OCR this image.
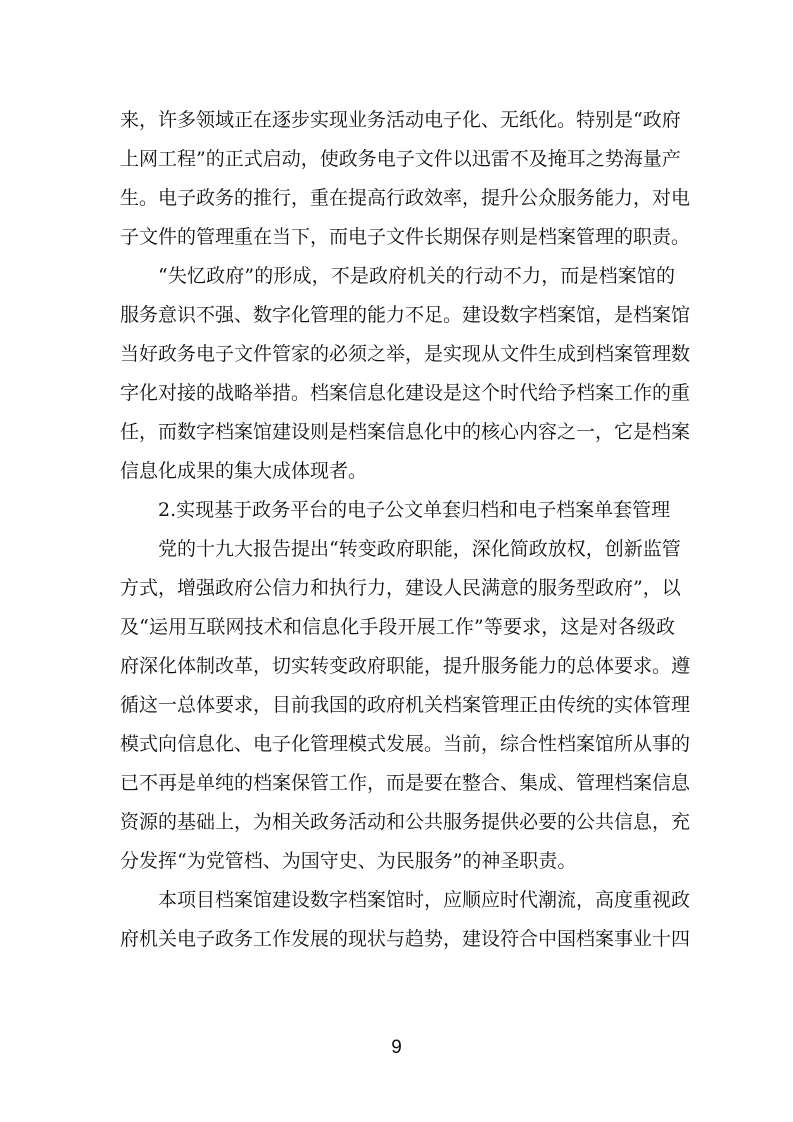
来，许多领域正在逐步实现业务活动电子化、无纸化。特别是“政府
上网工程”的正式启动，使政务电子文件以迅雷不及掩耳之势海量产
生。电子政务的推行，重在提高行政效率，提升公众服务能力，对电
子文件的管理重在当下，而电子文件长期保存则是档案管理的职责。
“失忆政府”的形成，不是政府机关的行动不力，而是档案馆的
服务意识不强、数字化管理的能力不足。建设数字档案馆，是档案馆
当好政务电子文件管家的必须之举，是实现从文件生成到档案管理数
字化对接的战略举措。档案信息化建设是这个时代给予档案工作的重
任，而数字档案馆建设则是档案信息化中的核心内容之一，它是档案
信息化成果的集大成体现者。
2.实现基于政务平台的电子公文单套归档和电子档案单套管理
党的十九大报告提出“转变政府职能，深化简政放权，创新监管
方式，增强政府公信力和执行力，建设人民满意的服务型政府”，以
及“运用互联网技术和信息化手段开展工作”等要求，这是对各级政
府深化体制改革，切实转变政府职能，提升服务能力的总体要求。遵
循这一总体要求，目前我国的政府机关档案管理正由传统的实体管理
模式向信息化、电子化管理模式发展。当前，综合性档案馆所从事的
已不再是单纯的档案保管工作，而是要在整合、集成、管理档案信息
资源的基础上，为相关政务活动和公共服务提供必要的公共信息，充
分发挥“为党管档、为国守史、为民服务”的神圣职责。
本项目档案馆建设数字档案馆时，应顺应时代潮流，高度重视政
府机关电子政务工作发展的现状与趋势，建设符合中国档案事业十四
9
